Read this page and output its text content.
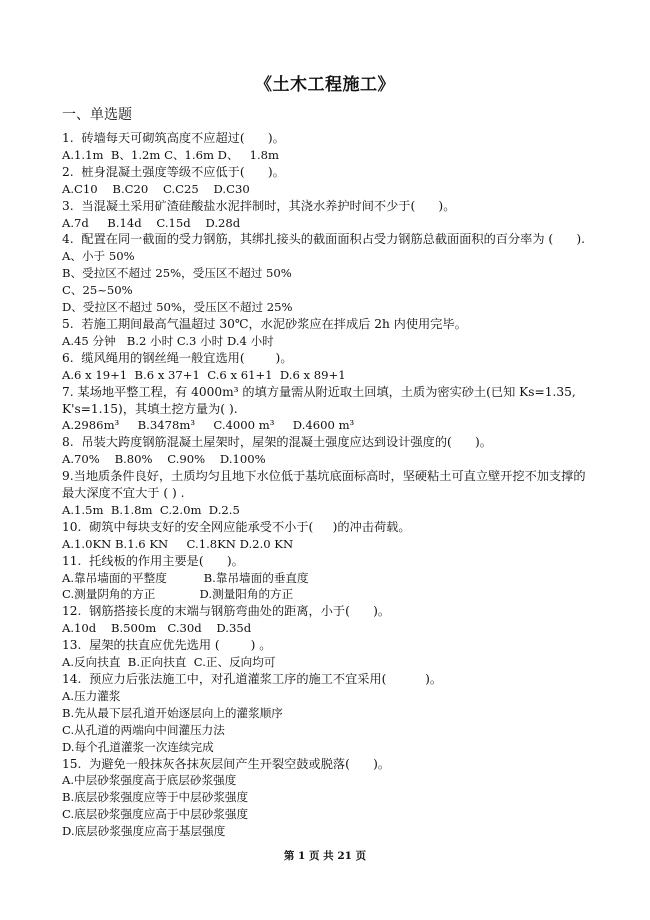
《土木工程施工》
一、单选题
1.  砖墙每天可砌筑高度不应超过(      )。
A.1.1m  B、1.2m C、1.6m D、   1.8m
2.  桩身混凝土强度等级不应低于(      )。
A.C10    B.C20    C.C25    D.C30
3.  当混凝土采用矿渣硅酸盐水泥拌制时，其浇水养护时间不少于(      )。
A.7d     B.14d    C.15d    D.28d
4.  配置在同一截面的受力钢筋，其绑扎接头的截面面积占受力钢筋总截面面积的百分率为 (      ).
A、小于 50%
B、受拉区不超过 25%，受压区不超过 50%
C、25~50%
D、受拉区不超过 50%，受压区不超过 25%
5.  若施工期间最高气温超过 30℃，水泥砂浆应在拌成后 2h 内使用完毕。
A.45 分钟   B.2 小时 C.3 小时 D.4 小时
6.  缆风绳用的钢丝绳一般宜选用(        )。
A.6 x 19+1  B.6 x 37+1  C.6 x 61+1  D.6 x 89+1
7. 某场地平整工程，有 4000m³ 的填方量需从附近取土回填，土质为密实砂土(已知 Ks=1.35, K's=1.15)，其填土挖方量为( ).
A.2986m³     B.3478m³     C.4000 m³     D.4600 m³
8.  吊装大跨度钢筋混凝土屋架时，屋架的混凝土强度应达到设计强度的(      )。
A.70%    B.80%    C.90%    D.100%
9.当地质条件良好，土质均匀且地下水位低于基坑底面标高时，坚硬粘土可直立壁开挖不加支撑的最大深度不宜大于 ( ) .
A.1.5m  B.1.8m  C.2.0m  D.2.5
10.  砌筑中每块支好的安全网应能承受不小于(     )的冲击荷载。
A.1.0KN B.1.6 KN     C.1.8KN D.2.0 KN
11.  托线板的作用主要是(      )。
A.靠吊墙面的平整度          B.靠吊墙面的垂直度
C.测量阴角的方正            D.测量阳角的方正
12.  钢筋搭接长度的末端与钢筋弯曲处的距离，小于(      )。
A.10d    B.500m   C.30d    D.35d
13.  屋架的扶直应优先选用 (        ) 。
A.反向扶直  B.正向扶直  C.正、反向均可
14.  预应力后张法施工中，对孔道灌浆工序的施工不宜采用(          )。
A.压力灌浆
B.先从最下层孔道开始逐层向上的灌浆顺序
C.从孔道的两端向中间灌压力法
D.每个孔道灌浆一次连续完成
15.  为避免一般抹灰各抹灰层间产生开裂空鼓或脱落(      )。
A.中层砂浆强度高于底层砂浆强度
B.底层砂浆强度应等于中层砂浆强度
C.底层砂浆强度应高于中层砂浆强度
D.底层砂浆强度应高于基层强度
第 1 页 共 21 页
